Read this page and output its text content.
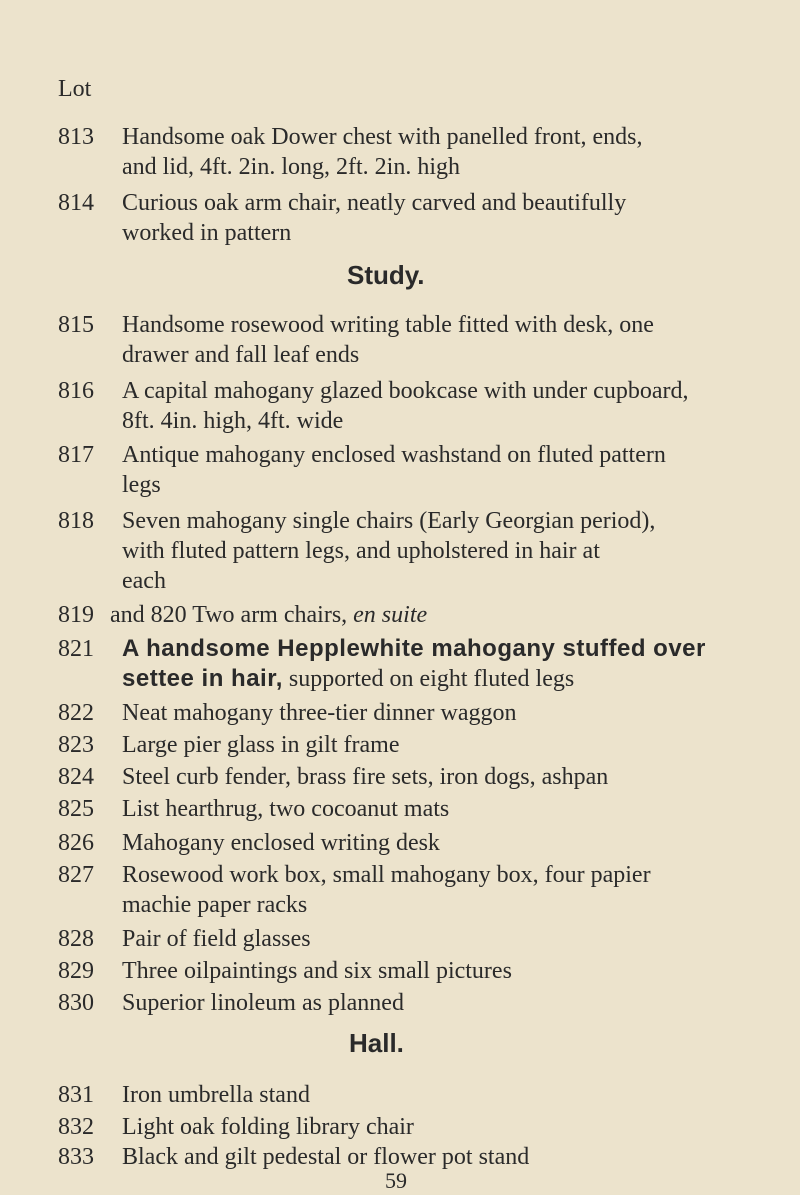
Lot
813 Handsome oak Dower chest with panelled front, ends,
and lid, 4ft. 2in. long, 2ft. 2in. high
814 Curious oak arm chair, neatly carved and beautifully
worked in pattern
Study.
815 Handsome rosewood writing table fitted with desk, one
drawer and fall leaf ends
816 A capital mahogany glazed bookcase with under cupboard,
8ft. 4in. high, 4ft. wide
817 Antique mahogany enclosed washstand on fluted pattern
legs
818 Seven mahogany single chairs (Early Georgian period),
with fluted pattern legs, and upholstered in hair at
each
819 and 820 Two arm chairs, en suite
821 A handsome Hepplewhite mahogany stuffed over
settee in hair, supported on eight fluted legs
822 Neat mahogany three-tier dinner waggon
823 Large pier glass in gilt frame
824 Steel curb fender, brass fire sets, iron dogs, ashpan
825 List hearthrug, two cocoanut mats
826 Mahogany enclosed writing desk
827 Rosewood work box, small mahogany box, four papier
machie paper racks
828 Pair of field glasses
829 Three oilpaintings and six small pictures
830 Superior linoleum as planned
Hall.
831 Iron umbrella stand
832 Light oak folding library chair
833 Black and gilt pedestal or flower pot stand
59
